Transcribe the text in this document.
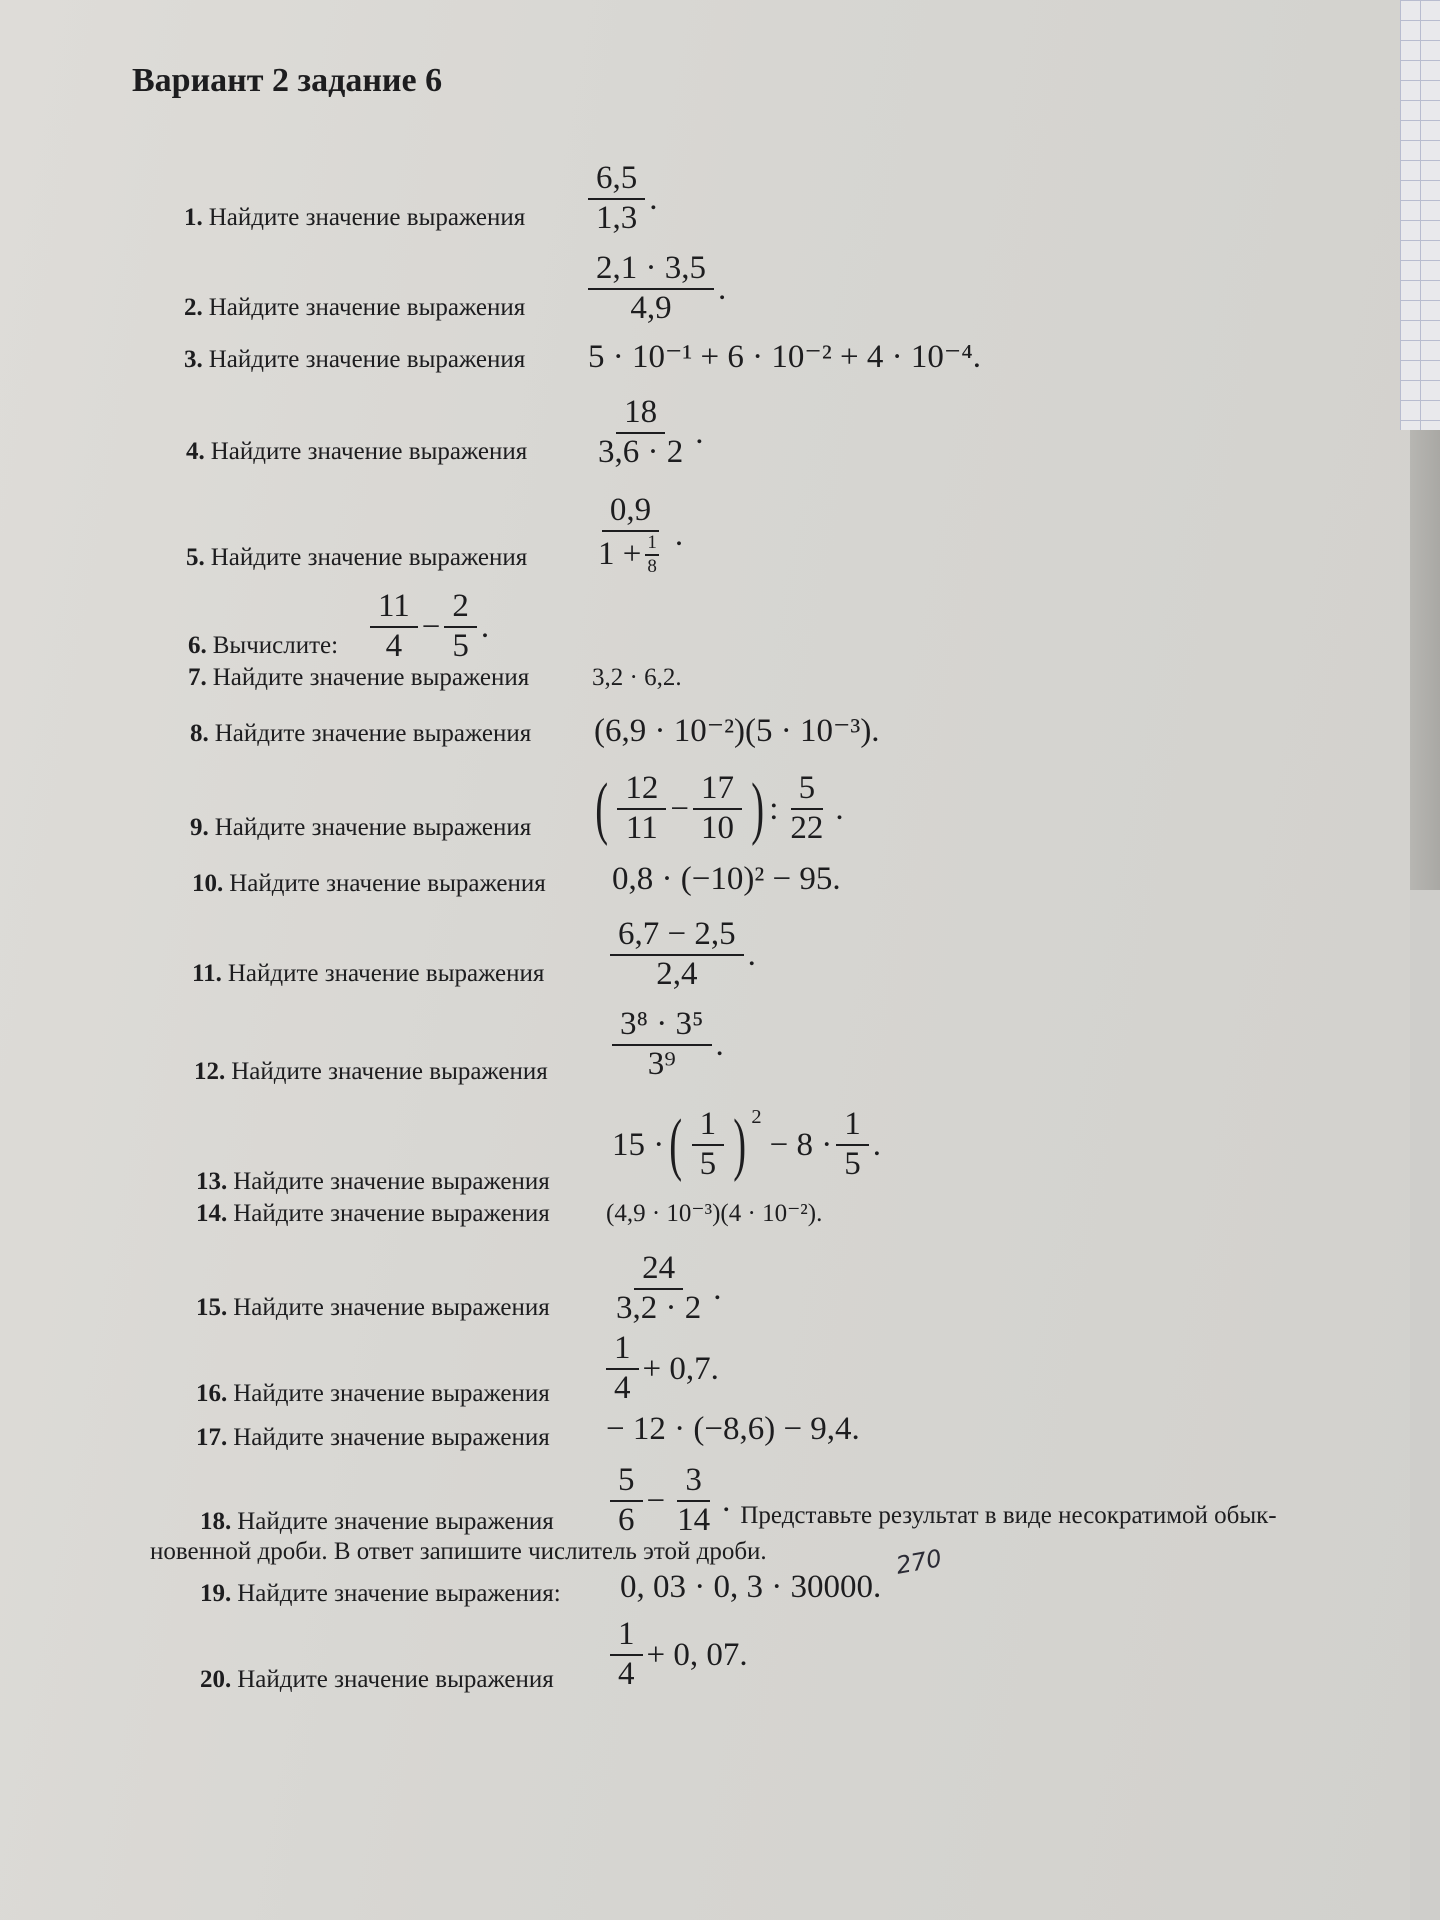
Вариант 2 задание 6
1. Найдите значение выражения $\frac{6,5}{1,3}$ .
2. Найдите значение выражения $\frac{2,1 \cdot 3,5}{4,9}$ .
3. Найдите значение выражения 5 · 10⁻¹ + 6 · 10⁻² + 4 · 10⁻⁴.
4. Найдите значение выражения $\frac{18}{3,6 \cdot 2}$ .
5. Найдите значение выражения $\frac{0,9}{1 + \frac{1}{8}}$ .
6. Вычислите: $\frac{11}{4} - \frac{2}{5}$ .
7. Найдите значение выражения	3,2 · 6,2.
8. Найдите значение выражения (6,9 · 10⁻²)(5 · 10⁻³).
9. Найдите значение выражения ( $\frac{12}{11} - \frac{17}{10}$ ) : $\frac{5}{22}$ .
10. Найдите значение выражения 0,8 · (−10)² − 95.
11. Найдите значение выражения $\frac{6,7 - 2,5}{2,4}$ .
12. Найдите значение выражения $\frac{\text{3⁸ · 3⁵}}{\text{3⁹}}$ .
13. Найдите значение выражения
15 · ( $\frac{1}{5}$ ) $^2$
− $8 \cdot \frac{1}{5}$ .
14. Найдите значение выражения (4,9 · 10⁻³)(4 · 10⁻²).
15. Найдите значение выражения $\frac{24}{3,2 \cdot 2}$ .
16. Найдите значение выражения $\frac{1}{4} + 0,7$.
17. Найдите значение выражения − 12 · (−8,6) − 9,4.
18. Найдите значение выражения $\frac{5}{6} - \frac{3}{14}$ . Представьте результат в виде несократимой обык-
новенной дроби. В ответ запишите числитель этой дроби.
19. Найдите значение выражения: 0, 03 · 0, 3 · 30000.
270
20. Найдите значение выражения $\frac{1}{4} + 0$, 07.
